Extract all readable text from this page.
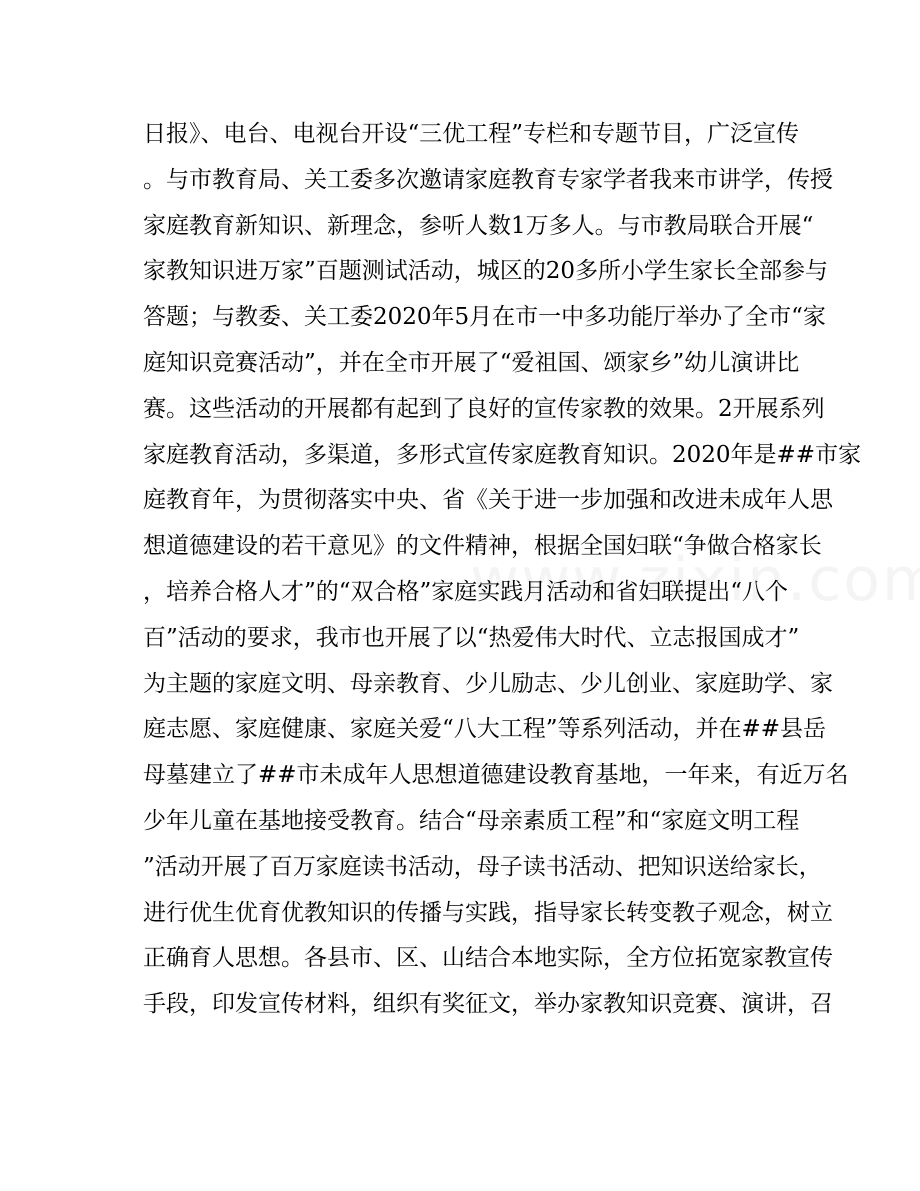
日报》、电台、电视台开设“三优工程”专栏和专题节目，广泛宣传
。与市教育局、关工委多次邀请家庭教育专家学者我来市讲学，传授
家庭教育新知识、新理念，参听人数1万多人。与市教局联合开展“
家教知识进万家”百题测试活动，城区的20多所小学生家长全部参与
答题；与教委、关工委2020年5月在市一中多功能厅举办了全市“家
庭知识竞赛活动”，并在全市开展了“爱祖国、颂家乡”幼儿演讲比
赛。这些活动的开展都有起到了良好的宣传家教的效果。2开展系列
家庭教育活动，多渠道，多形式宣传家庭教育知识。2020年是##市家
庭教育年，为贯彻落实中央、省《关于进一步加强和改进未成年人思
想道德建设的若干意见》的文件精神，根据全国妇联“争做合格家长
，培养合格人才”的“双合格”家庭实践月活动和省妇联提出“八个
百”活动的要求，我市也开展了以“热爱伟大时代、立志报国成才”
为主题的家庭文明、母亲教育、少儿励志、少儿创业、家庭助学、家
庭志愿、家庭健康、家庭关爱“八大工程”等系列活动，并在##县岳
母墓建立了##市未成年人思想道德建设教育基地，一年来，有近万名
少年儿童在基地接受教育。结合“母亲素质工程”和“家庭文明工程
”活动开展了百万家庭读书活动，母子读书活动、把知识送给家长，
进行优生优育优教知识的传播与实践，指导家长转变教子观念，树立
正确育人思想。各县市、区、山结合本地实际，全方位拓宽家教宣传
手段，印发宣传材料，组织有奖征文，举办家教知识竞赛、演讲，召
